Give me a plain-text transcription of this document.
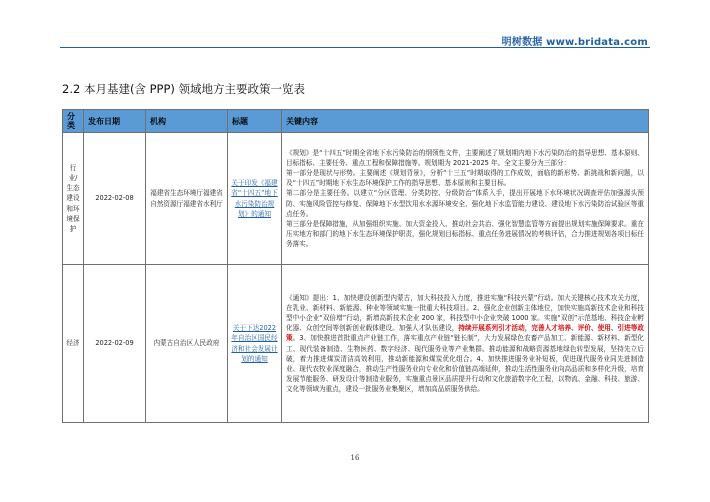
明树数据 www.bridata.com
2.2 本月基建(含 PPP) 领域地方主要政策一览表
分类	发布日期	机构	标题	关键内容
行业/生态建设和环境保护	2022-02-08	福建省生态环境厅福建省自然资源厅福建省水利厅	关于印发《福建省“十四五”地下水污染防治规划》的通知	《规划》是“十四五”时期全省地下水污染防治的纲领性文件，主要阐述了规划期内地下水污染防治的指导思想、基本原则、目标指标、主要任务、重点工程和保障措施等。规划期为 2021-2025 年。全文主要分为三部分：
第一部分是现状与形势。主要阐述《规划背景》，分析“十三五”时期取得的工作成效，面临的新形势、新挑战和新问题，以及“十四五”时期地下水生态环境保护工作的指导思想、基本原则和主要目标。
第二部分是主要任务。以建立“分区管理、分类防控、分级防治”体系入手，提出开展地下水环境状况调查评估加强源头预防、实施风险管控与修复、保障地下水型饮用水水源环境安全、强化地下水监管能力建设、建设地下水污染防治试验区等重点任务。
第三部分是保障措施，从加强组织实施、加大资金投入、推动社会共治、强化智慧监管等方面提出规划实施保障要求。重在压实地方和部门的地下水生态环境保护职责，强化规划目标指标、重点任务进展情况的考核评估，合力推进规划各项目标任务落实。

经济	2022-02-09	内蒙古自治区人民政府	关于下达2022 年自治区国民经济和社会发展计划的通知	《通知》提出：1、加快建设创新型内蒙古，加大科技投入力度，推进实施“科技兴蒙”行动。加大关键核心技术攻关力度，在乳业、新材料、新能源、种业等领域实施一批重大科技项目。2、强化企业创新主体地位，加快实施高新技术企业和科技型中小企业“双倍增”行动，新增高新技术企业 200 家，科技型中小企业突破 1000 家。实施“双创”示范基地、科技企业孵化器、众创空间等创新创业载体建设。加强人才队伍建设，持续开展系列引才活动，完善人才培养、评价、使用、引进等政策。3、加快推进首批重点产业链工作，落实重点产业链“链长制”，大力发展绿色农畜产品加工、新能源、新材料、新型化工、现代装备制造、生物医药、数字经济、现代服务业等产业集群。推动能源和战略资源基地绿色转型发展，坚持先立后破，着力推进煤炭清洁高效利用，推动新能源和煤炭优化组合。4、加快推进服务业补短板，促进现代服务业同先进制造业、现代农牧业深度融合，推动生产性服务业向专业化和价值链高端延伸，推动生活性服务业向高品质和多样化升级，培育发展节能服务、研发设计等制造业服务，实施重点景区品质提升行动和文化旅游数字化工程，以物流、金融、科技、旅游、文化等领域为重点，建设一批服务业集聚区，增加高品质服务供给。
16
